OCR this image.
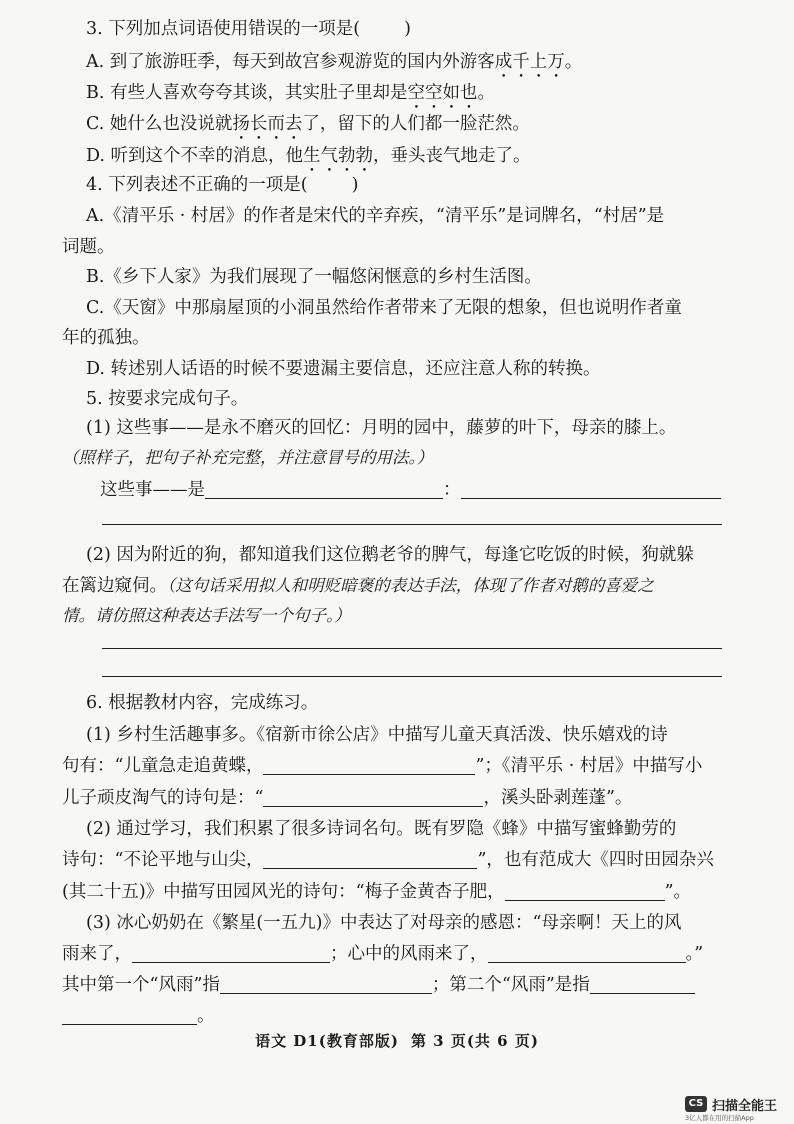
3. 下列加点词语使用错误的一项是(	)
A. 到了旅游旺季，每天到故宫参观游览的国内外游客成千上万。
B. 有些人喜欢夸夸其谈，其实肚子里却是空空如也。
C. 她什么也没说就扬长而去了，留下的人们都一脸茫然。
D. 听到这个不幸的消息，他生气勃勃，垂头丧气地走了。
4. 下列表述不正确的一项是(	)
A.《清平乐 · 村居》的作者是宋代的辛弃疾，“清平乐”是词牌名，“村居”是
词题。
B.《乡下人家》为我们展现了一幅悠闲惬意的乡村生活图。
C.《天窗》中那扇屋顶的小洞虽然给作者带来了无限的想象，但也说明作者童
年的孤独。
D. 转述别人话语的时候不要遗漏主要信息，还应注意人称的转换。
5. 按要求完成句子。
(1) 这些事——是永不磨灭的回忆：月明的园中，藤萝的叶下，母亲的膝上。
（照样子，把句子补充完整，并注意冒号的用法。）
这些事——是	：
(2) 因为附近的狗，都知道我们这位鹅老爷的脾气，每逢它吃饭的时候，狗就躲
在篱边窥伺。（这句话采用拟人和明贬暗褒的表达手法，体现了作者对鹅的喜爱之
情。请仿照这种表达手法写一个句子。）
6. 根据教材内容，完成练习。
(1) 乡村生活趣事多。《宿新市徐公店》中描写儿童天真活泼、快乐嬉戏的诗
句有：“儿童急走追黄蝶，	”；《清平乐 · 村居》中描写小
儿子顽皮淘气的诗句是：“	，溪头卧剥莲蓬”。
(2) 通过学习，我们积累了很多诗词名句。既有罗隐《蜂》中描写蜜蜂勤劳的
诗句：“不论平地与山尖，	”，也有范成大《四时田园杂兴
(其二十五)》中描写田园风光的诗句：“梅子金黄杏子肥，	”。
(3) 冰心奶奶在《繁星(一五九)》中表达了对母亲的感恩：“母亲啊！天上的风
雨来了，	；心中的风雨来了，	。”
其中第一个“风雨”指	；第二个“风雨”是指
。
语文 D1(教育部版) 第 3 页(共 6 页)
CS 扫描全能王
3亿人都在用的扫描App
